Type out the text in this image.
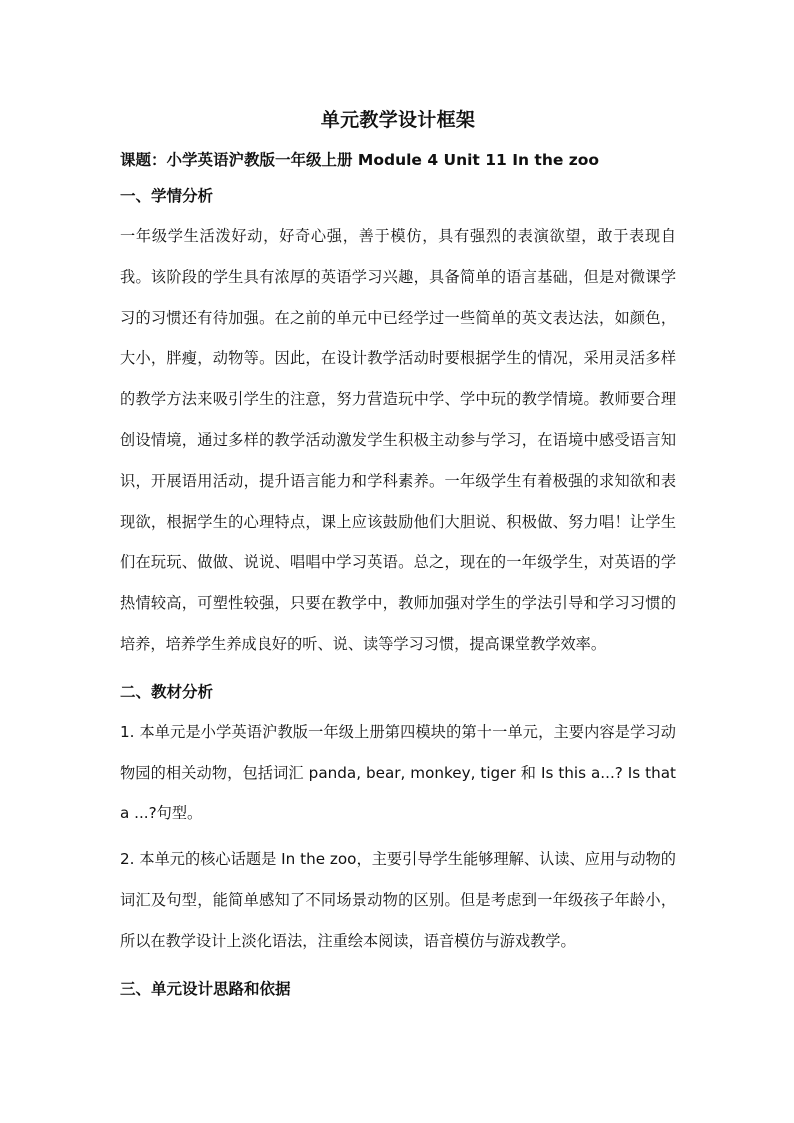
单元教学设计框架
课题：小学英语沪教版一年级上册 Module 4 Unit 11 In the zoo
一、学情分析

一年级学生活泼好动，好奇心强，善于模仿，具有强烈的表演欲望，敢于表现自我。该阶段的学生具有浓厚的英语学习兴趣，具备简单的语言基础，但是对微课学习的习惯还有待加强。在之前的单元中已经学过一些简单的英文表达法，如颜色，大小，胖瘦，动物等。因此，在设计教学活动时要根据学生的情况，采用灵活多样的教学方法来吸引学生的注意，努力营造玩中学、学中玩的教学情境。教师要合理创设情境，通过多样的教学活动激发学生积极主动参与学习，在语境中感受语言知识，开展语用活动，提升语言能力和学科素养。一年级学生有着极强的求知欲和表现欲，根据学生的心理特点，课上应该鼓励他们大胆说、积极做、努力唱！让学生们在玩玩、做做、说说、唱唱中学习英语。总之，现在的一年级学生，对英语的学热情较高，可塑性较强，只要在教学中，教师加强对学生的学法引导和学习习惯的培养，培养学生养成良好的听、说、读等学习习惯，提高课堂教学效率。

二、教材分析

1. 本单元是小学英语沪教版一年级上册第四模块的第十一单元，主要内容是学习动物园的相关动物，包括词汇 panda, bear, monkey, tiger 和 Is this a...? Is that a ...?句型。

2. 本单元的核心话题是 In the zoo，主要引导学生能够理解、认读、应用与动物的词汇及句型，能简单感知了不同场景动物的区别。但是考虑到一年级孩子年龄小，所以在教学设计上淡化语法，注重绘本阅读，语音模仿与游戏教学。

三、单元设计思路和依据
